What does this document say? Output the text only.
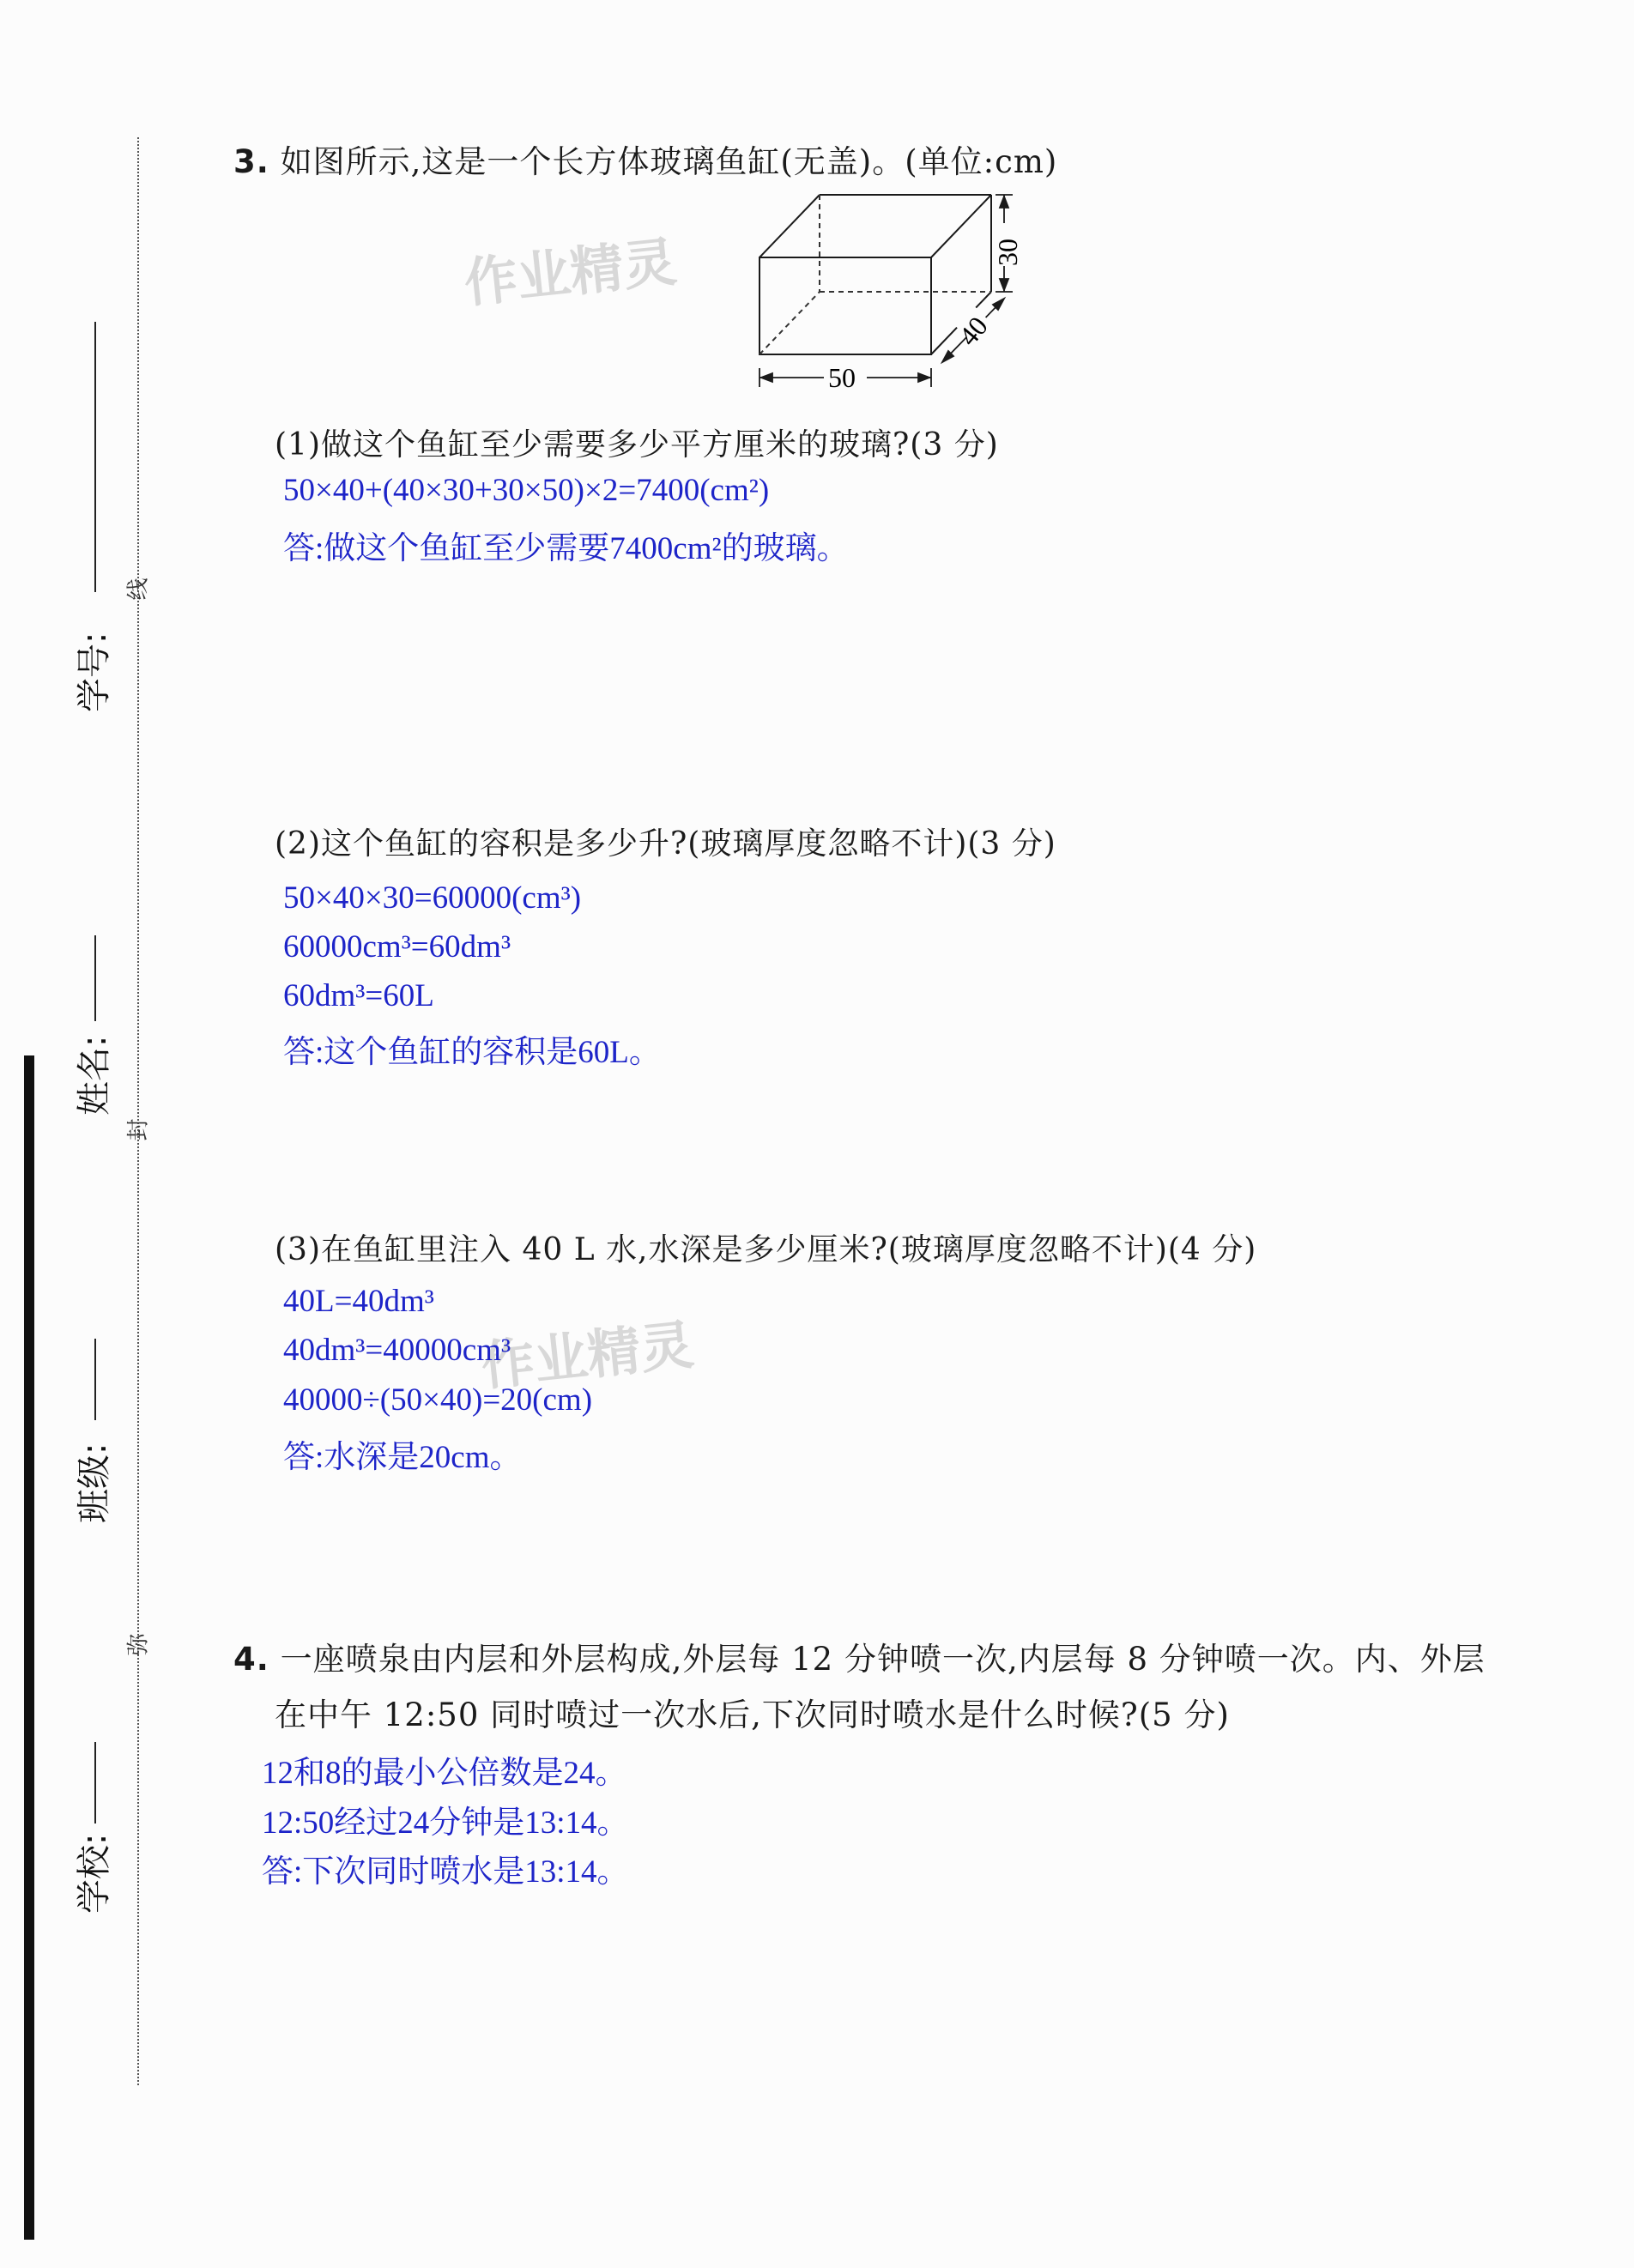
学号:
姓名:
班级:
学校:
线
封
弥
作业精灵
作业精灵
3. 如图所示,这是一个长方体玻璃鱼缸(无盖)。(单位:cm)
50
30
40
(1)做这个鱼缸至少需要多少平方厘米的玻璃?(3 分)
50×40+(40×30+30×50)×2=7400(cm²)
答:做这个鱼缸至少需要7400cm²的玻璃。
(2)这个鱼缸的容积是多少升?(玻璃厚度忽略不计)(3 分)
50×40×30=60000(cm³)
60000cm³=60dm³
60dm³=60L
答:这个鱼缸的容积是60L。
(3)在鱼缸里注入 40 L 水,水深是多少厘米?(玻璃厚度忽略不计)(4 分)
40L=40dm³
40dm³=40000cm³
40000÷(50×40)=20(cm)
答:水深是20cm。
4. 一座喷泉由内层和外层构成,外层每 12 分钟喷一次,内层每 8 分钟喷一次。内、外层
在中午 12:50 同时喷过一次水后,下次同时喷水是什么时候?(5 分)
12和8的最小公倍数是24。
12:50经过24分钟是13:14。
答:下次同时喷水是13:14。
